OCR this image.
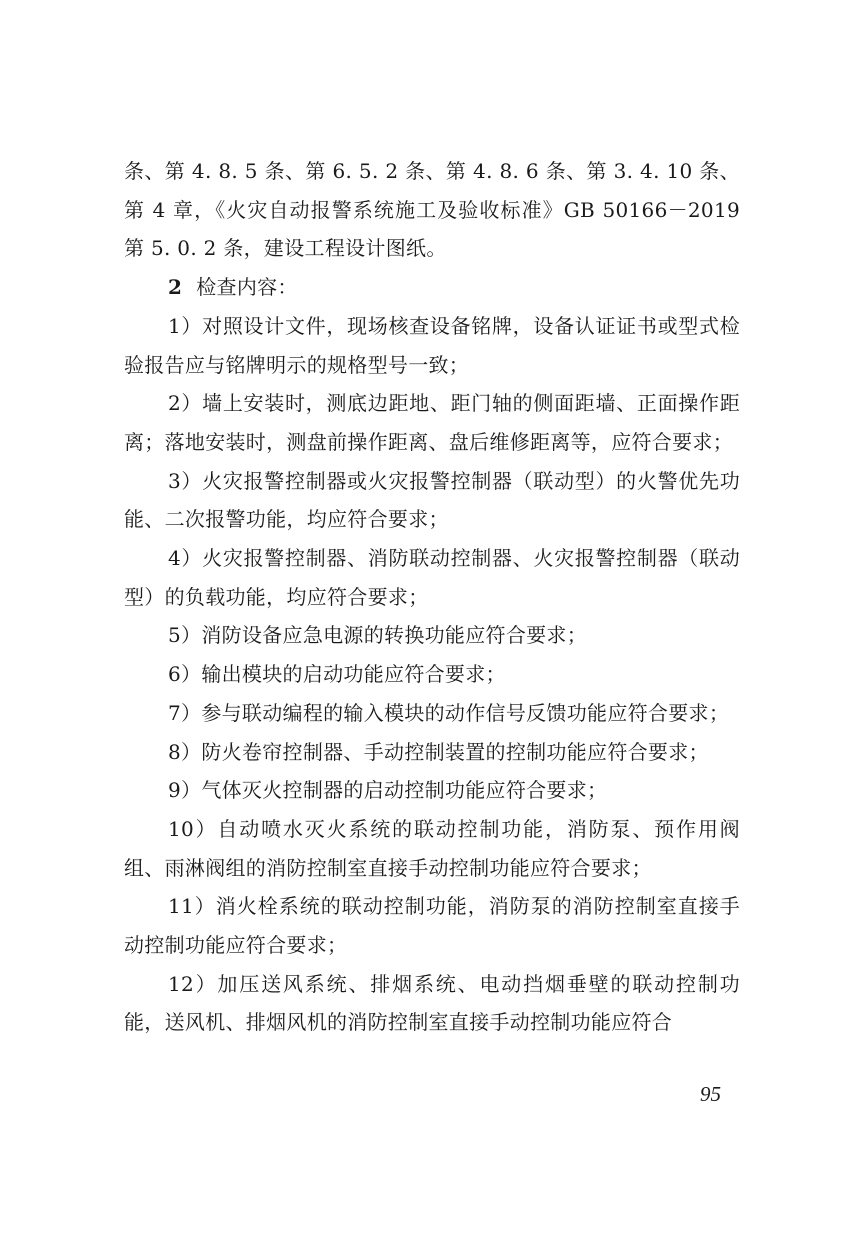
条、第 4. 8. 5 条、第 6. 5. 2 条、第 4. 8. 6 条、第 3. 4. 10 条、第 4 章，《火灾自动报警系统施工及验收标准》GB 50166－2019 第 5. 0. 2 条，建设工程设计图纸。

2 检查内容：

1）对照设计文件，现场核查设备铭牌，设备认证证书或型式检验报告应与铭牌明示的规格型号一致；

2）墙上安装时，测底边距地、距门轴的侧面距墙、正面操作距离；落地安装时，测盘前操作距离、盘后维修距离等，应符合要求；

3）火灾报警控制器或火灾报警控制器（联动型）的火警优先功能、二次报警功能，均应符合要求；

4）火灾报警控制器、消防联动控制器、火灾报警控制器（联动型）的负载功能，均应符合要求；

5）消防设备应急电源的转换功能应符合要求；

6）输出模块的启动功能应符合要求；

7）参与联动编程的输入模块的动作信号反馈功能应符合要求；

8）防火卷帘控制器、手动控制装置的控制功能应符合要求；

9）气体灭火控制器的启动控制功能应符合要求；

10）自动喷水灭火系统的联动控制功能，消防泵、预作用阀组、雨淋阀组的消防控制室直接手动控制功能应符合要求；

11）消火栓系统的联动控制功能，消防泵的消防控制室直接手动控制功能应符合要求；

12）加压送风系统、排烟系统、电动挡烟垂壁的联动控制功能，送风机、排烟风机的消防控制室直接手动控制功能应符合

95
